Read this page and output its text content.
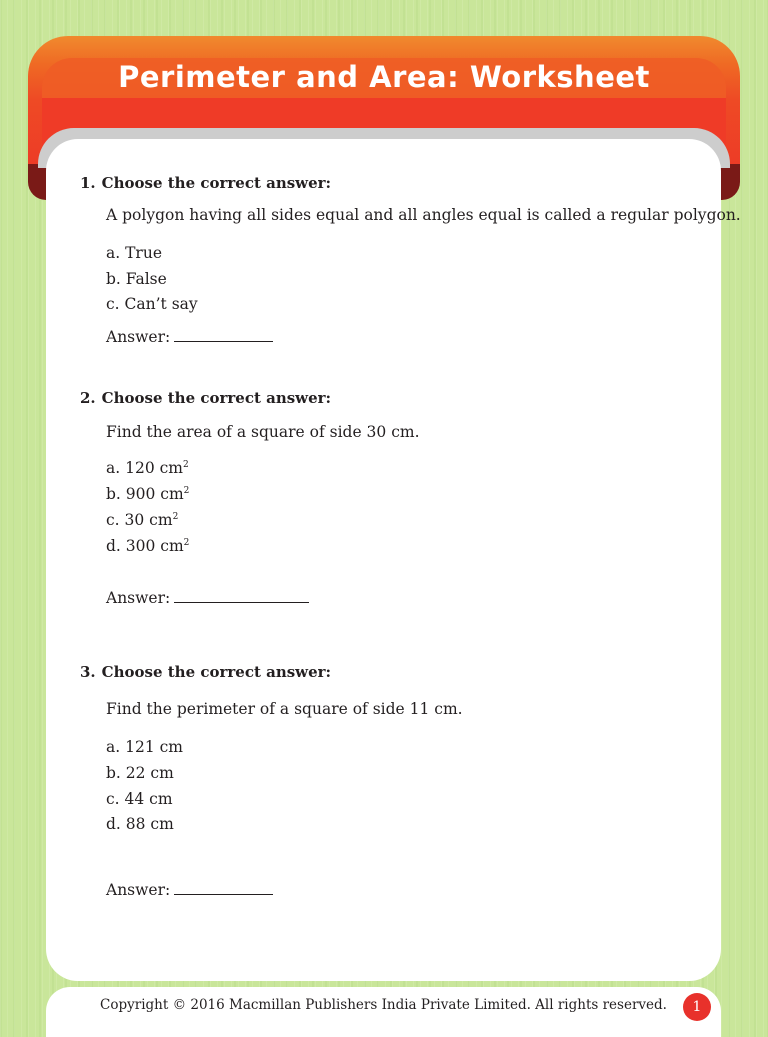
Perimeter and Area: Worksheet
1. Choose the correct answer:
A polygon having all sides equal and all angles equal is called a regular polygon.
a. True
b. False
c. Can’t say
Answer:
2. Choose the correct answer:
Find the area of a square of side 30 cm.
a. 120 $cm^2$
b. 900 $cm^2$
c. 30 $cm^2$
d. 300 $cm^2$
Answer:
3. Choose the correct answer:
Find the perimeter of a square of side 11 cm.
a. 121 cm
b. 22 cm
c. 44 cm
d. 88 cm
Answer:
Copyright © 2016 Macmillan Publishers India Private Limited. All rights reserved.	1
